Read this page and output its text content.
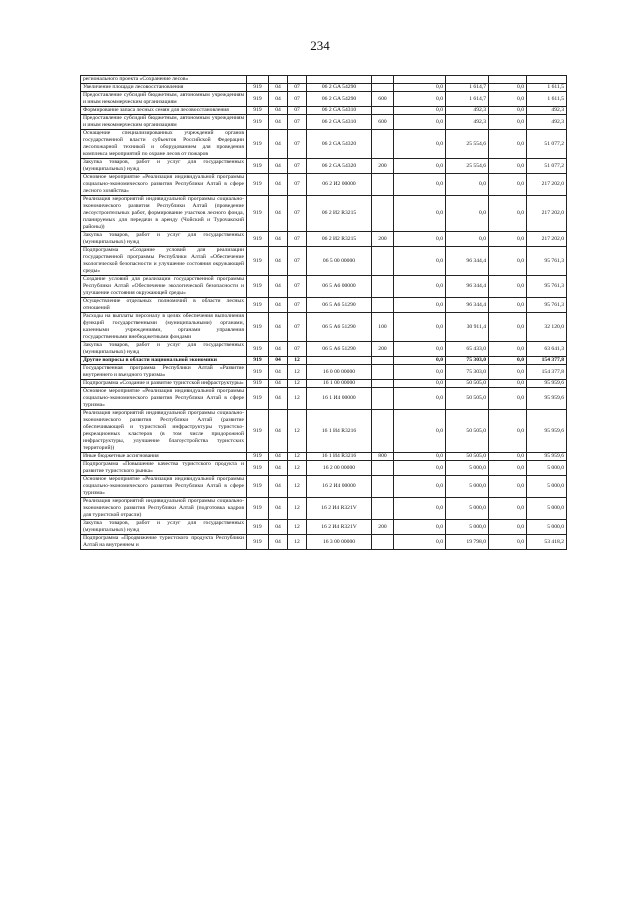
234
регионального проекта «Сохранение лесов»									
Увеличение площади лесовосстановления	919	04	07	06 2 GA 54290		0,0	1 614,7	0,0	1 611,5
Предоставление субсидий бюджетным, автономным учреждениям и иным некоммерческим организациям	919	04	07	06 2 GA 54290	600	0,0	1 614,7	0,0	1 611,5
Формирование запаса лесных семян для лесовосстановления	919	04	07	06 2 GA 54310		0,0	492,3	0,0	492,3
Предоставление субсидий бюджетным, автономным учреждениям и иным некоммерческим организациям	919	04	07	06 2 GA 54310	600	0,0	492,3	0,0	492,3
Оснащение специализированных учреждений органов государственной власти субъектов Российской Федерации лесопожарной техникой и оборудованием для проведения комплекса мероприятий по охране лесов от пожаров	919	04	07	06 2 GA 54320		0,0	25 554,6	0,0	51 077,2
Закупка товаров, работ и услуг для государственных (муниципальных) нужд	919	04	07	06 2 GA 54320	200	0,0	25 554,6	0,0	51 077,2
Основное мероприятие «Реализация индивидуальной программы социально-экономического развития Республики Алтай в сфере лесного хозяйства»	919	04	07	06 2 И2 00000		0,0	0,0	0,0	217 202,0
Реализация мероприятий индивидуальной программы социально-экономического развития Республики Алтай (проведение лесоустроительных работ, формирование участков лесного фонда, планируемых для передачи в аренду (Чойский и Турочакский районы))	919	04	07	06 2 И2 R3215		0,0	0,0	0,0	217 202,0
Закупка товаров, работ и услуг для государственных (муниципальных) нужд	919	04	07	06 2 И2 R3215	200	0,0	0,0	0,0	217 202,0
Подпрограмма «Создание условий для реализации государственной программы Республики Алтай «Обеспечение экологической безопасности и улучшение состояния окружающей среды»	919	04	07	06 5 00 00000		0,0	96 344,4	0,0	95 761,3
Создание условий для реализации государственной программы Республики Алтай «Обеспечение экологической безопасности и улучшение состояния окружающей среды»	919	04	07	06 5 А6 00000		0,0	96 344,4	0,0	95 761,3
Осуществление отдельных полномочий в области лесных отношений	919	04	07	06 5 А6 51290		0,0	96 344,4	0,0	95 761,3
Расходы на выплаты персоналу в целях обеспечения выполнения функций государственными (муниципальными) органами, казенными учреждениями, органами управления государственными внебюджетными фондами	919	04	07	06 5 А6 51290	100	0,0	30 911,4	0,0	32 120,0
Закупка товаров, работ и услуг для государственных (муниципальных) нужд	919	04	07	06 5 А6 51290	200	0,0	65 433,0	0,0	63 641,3
Другие вопросы в области национальной экономики	919	04	12			0,0	75 303,0	0,0	154 377,8
Государственная программа Республики Алтай «Развитие внутреннего и въездного туризма»	919	04	12	16 0 00 00000		0,0	75 303,0	0,0	154 377,8
Подпрограмма «Создание и развитие туристской инфраструктуры»	919	04	12	16 1 00 00000		0,0	50 505,0	0,0	95 959,6
Основное мероприятие «Реализация индивидуальной программы социально-экономического развития Республики Алтай в сфере туризма»	919	04	12	16 1 И4 00000		0,0	50 505,0	0,0	95 959,6
Реализация мероприятий индивидуальной программы социально-экономического развития Республики Алтай (развитие обеспечивающей и туристской инфраструктуры туристско-рекреационных кластеров (в том числе придорожной инфраструктуры, улучшение благоустройства туристских территорий))	919	04	12	16 1 И4 R3216		0,0	50 505,0	0,0	95 959,6
Иные бюджетные ассигнования	919	04	12	16 1 И4 R3216	800	0,0	50 505,0	0,0	95 959,6
Подпрограмма «Повышение качества туристского продукта и развитие туристского рынка»	919	04	12	16 2 00 00000		0,0	5 000,0	0,0	5 000,0
Основное мероприятие «Реализация индивидуальной программы социально-экономического развития Республики Алтай в сфере туризма»	919	04	12	16 2 И4 00000		0,0	5 000,0	0,0	5 000,0
Реализация мероприятий индивидуальной программы социально-экономического развития Республики Алтай (подготовка кадров для туристской отрасли)	919	04	12	16 2 И4 R321V		0,0	5 000,0	0,0	5 000,0
Закупка товаров, работ и услуг для государственных (муниципальных) нужд	919	04	12	16 2 И4 R321V	200	0,0	5 000,0	0,0	5 000,0
Подпрограмма «Продвижение туристского продукта Республики Алтай на внутреннем и	919	04	12	16 3 00 00000		0,0	19 798,0	0,0	53 418,2
